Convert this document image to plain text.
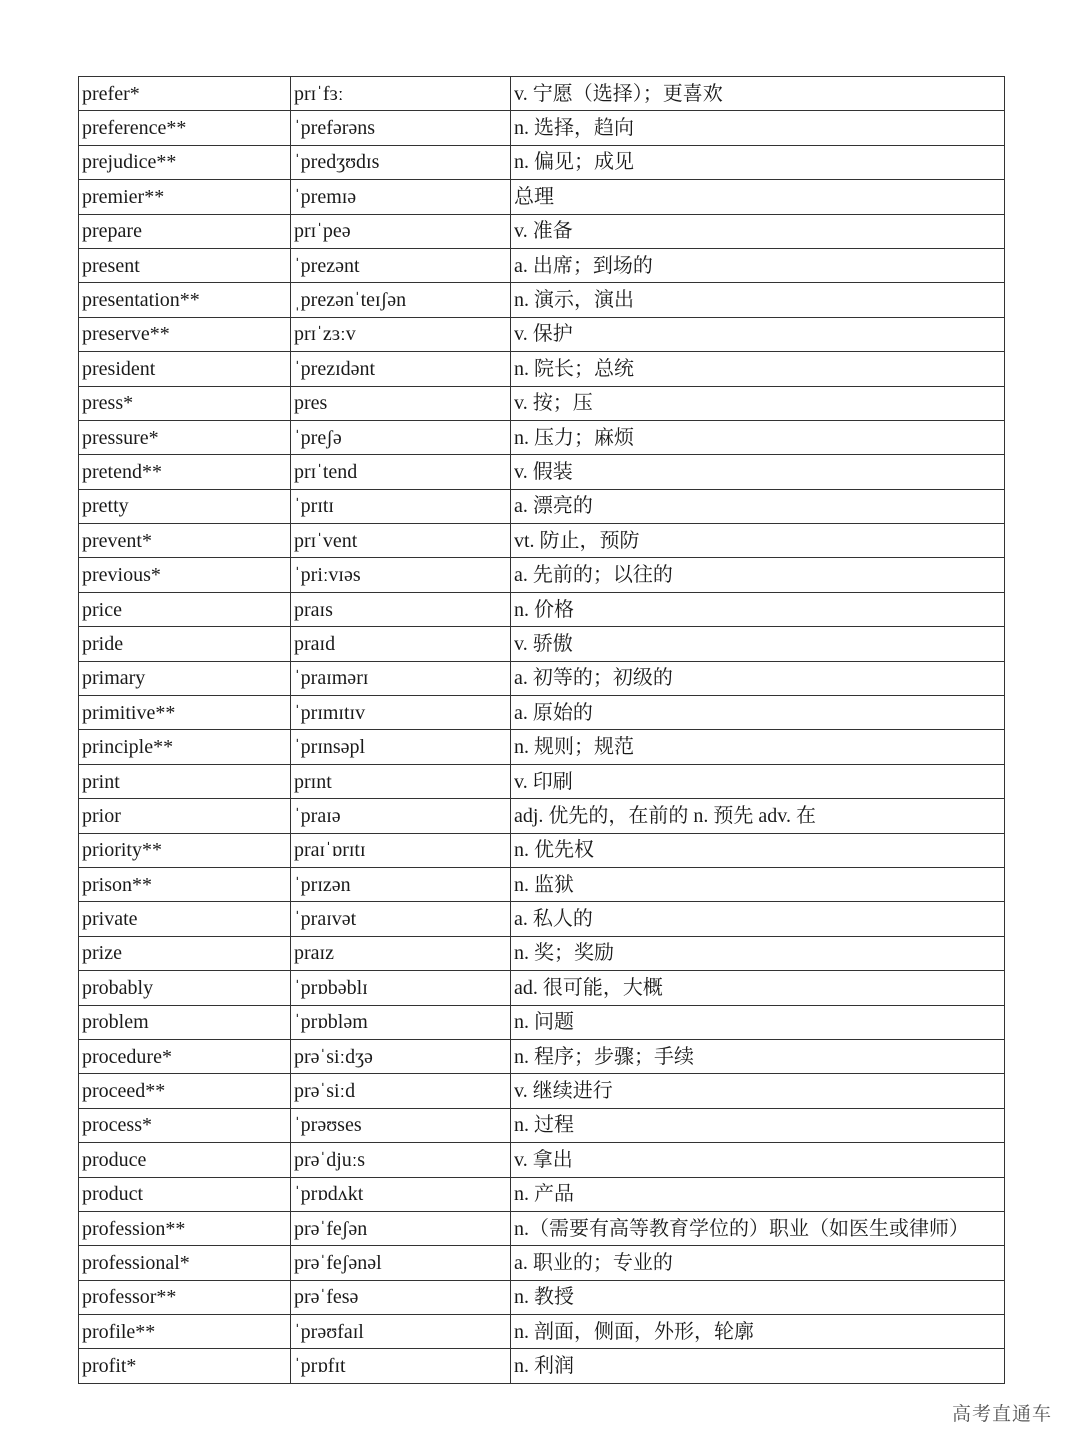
prefer*	prɪˈfɜː	v. 宁愿（选择）；更喜欢
preference**	ˈprefərəns	n. 选择，趋向
prejudice**	ˈpredʒʊdɪs	n. 偏见；成见
premier**	ˈpremɪə	总理
prepare	prɪˈpeə	v. 准备
present	ˈprezənt	a. 出席；到场的
presentation**	ˌprezənˈteɪʃən	n. 演示，演出
preserve**	prɪˈzɜːv	v. 保护
president	ˈprezɪdənt	n. 院长；总统
press*	pres	v. 按；压
pressure*	ˈpreʃə	n. 压力；麻烦
pretend**	prɪˈtend	v. 假装
pretty	ˈprɪtɪ	a. 漂亮的
prevent*	prɪˈvent	vt. 防止，预防
previous*	ˈpriːvɪəs	a. 先前的；以往的
price	praɪs	n. 价格
pride	praɪd	v. 骄傲
primary	ˈpraɪmərɪ	a. 初等的；初级的
primitive**	ˈprɪmɪtɪv	a. 原始的
principle**	ˈprɪnsəpl	n. 规则；规范
print	prɪnt	v. 印刷
prior	ˈpraɪə	adj. 优先的，在前的 n. 预先 adv. 在
priority**	praɪˈɒrɪtɪ	n. 优先权
prison**	ˈprɪzən	n. 监狱
private	ˈpraɪvət	a. 私人的
prize	praɪz	n. 奖；奖励
probably	ˈprɒbəblɪ	ad. 很可能，大概
problem	ˈprɒbləm	n. 问题
procedure*	prəˈsiːdʒə	n. 程序；步骤；手续
proceed**	prəˈsiːd	v. 继续进行
process*	ˈprəʊses	n. 过程
produce	prəˈdjuːs	v. 拿出
product	ˈprɒdʌkt	n. 产品
profession**	prəˈfeʃən	n.（需要有高等教育学位的）职业（如医生或律师）
professional*	prəˈfeʃənəl	a. 职业的；专业的
professor**	prəˈfesə	n. 教授
profile**	ˈprəʊfaɪl	n. 剖面，侧面，外形，轮廓
profit*	ˈprɒfɪt	n. 利润
高考直通车
